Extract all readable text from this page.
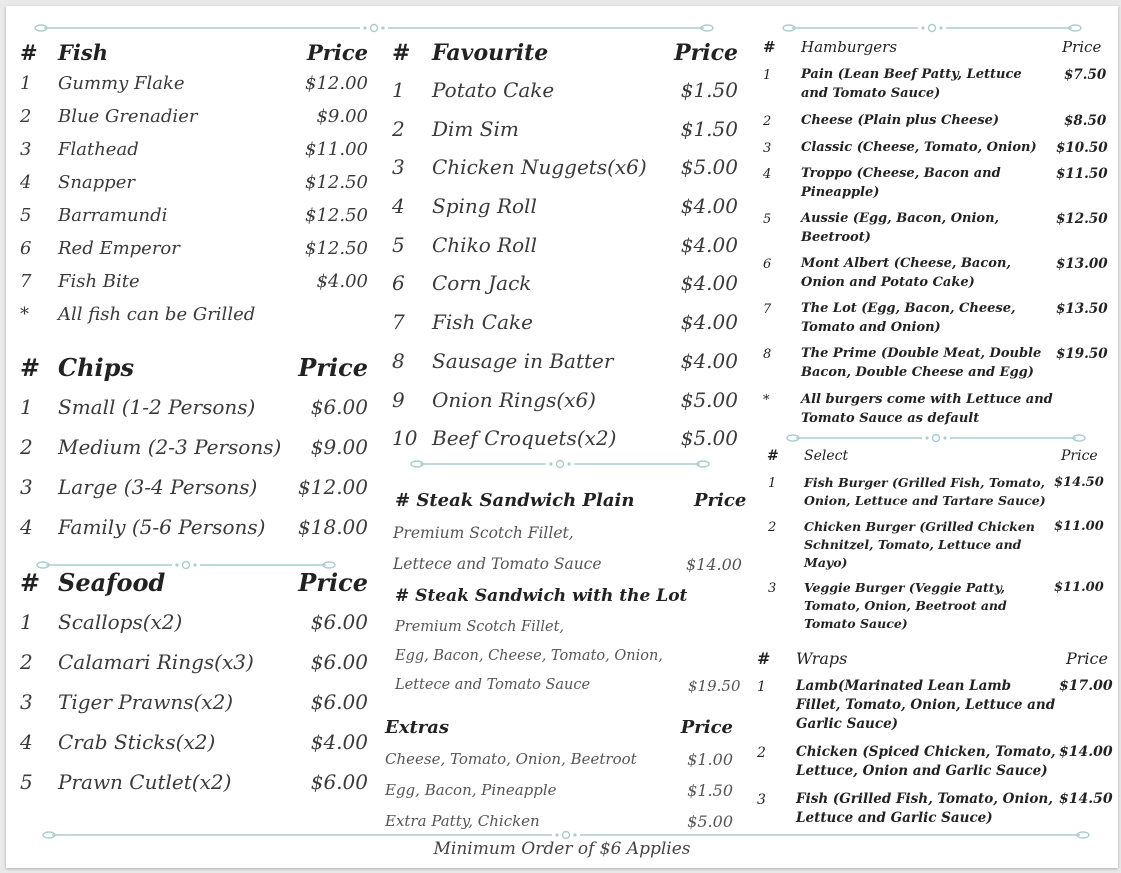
# Fish	Price
1 Gummy Flake	$12.00
2 Blue Grenadier	$9.00
3 Flathead	$11.00
4 Snapper	$12.50
5 Barramundi	$12.50
6 Red Emperor	$12.50
7 Fish Bite	$4.00
* All fish can be Grilled
# Chips	Price
1 Small (1-2 Persons)	$6.00
2 Medium (2-3 Persons) $9.00
3 Large (3-4 Persons) $12.00
4 Family (5-6 Persons) $18.00
# Seafood	Price
1 Scallops(x2)	$6.00
2 Calamari Rings(x3)	$6.00
3 Tiger Prawns(x2)	$6.00
4 Crab Sticks(x2)	$4.00
5 Prawn Cutlet(x2)	$6.00
# Favourite	Price
1 Potato Cake	$1.50
2 Dim Sim	$1.50
3 Chicken Nuggets(x6) $5.00
4 Sping Roll	$4.00
5 Chiko Roll	$4.00
6 Corn Jack	$4.00
7 Fish Cake	$4.00
8 Sausage in Batter	$4.00
9 Onion Rings(x6)	$5.00
10 Beef Croquets(x2)	$5.00
# Steak Sandwich Plain	Price
Premium Scotch Fillet,
Lettece and Tomato Sauce	$14.00
# Steak Sandwich with the Lot
Premium Scotch Fillet,
Egg, Bacon, Cheese, Tomato, Onion,
Lettece and Tomato Sauce	$19.50
Extras	Price
Cheese, Tomato, Onion, Beetroot	$1.00
Egg, Bacon, Pineapple	$1.50
Extra Patty, Chicken	$5.00
# Hamburgers	Price
1 Pain (Lean Beef Patty, Lettuce
and Tomato Sauce)
$7.50
2 Cheese (Plain plus Cheese)	$8.50
3 Classic (Cheese, Tomato, Onion) $10.50
4 Troppo (Cheese, Bacon and
Pineapple)
$11.50
5 Aussie (Egg, Bacon, Onion,
Beetroot)
$12.50
6 Mont Albert (Cheese, Bacon,
Onion and Potato Cake)
$13.00
7 The Lot (Egg, Bacon, Cheese,
Tomato and Onion)
$13.50
8 The Prime (Double Meat, Double
Bacon, Double Cheese and Egg)
$19.50
* All burgers come with Lettuce and
Tomato Sauce as default
# Select	Price
1 Fish Burger (Grilled Fish, Tomato,
Onion, Lettuce and Tartare Sauce)
$14.50
2 Chicken Burger (Grilled Chicken
Schnitzel, Tomato, Lettuce and
Mayo)
$11.00
3 Veggie Burger (Veggie Patty,
Tomato, Onion, Beetroot and
Tomato Sauce)
$11.00
# Wraps	Price
1 Lamb(Marinated Lean Lamb
Fillet, Tomato, Onion, Lettuce and
Garlic Sauce)
$17.00
2 Chicken (Spiced Chicken, Tomato,
Lettuce, Onion and Garlic Sauce)
$14.00
3 Fish (Grilled Fish, Tomato, Onion,
Lettuce and Garlic Sauce)
$14.50
Minimum Order of $6 Applies
